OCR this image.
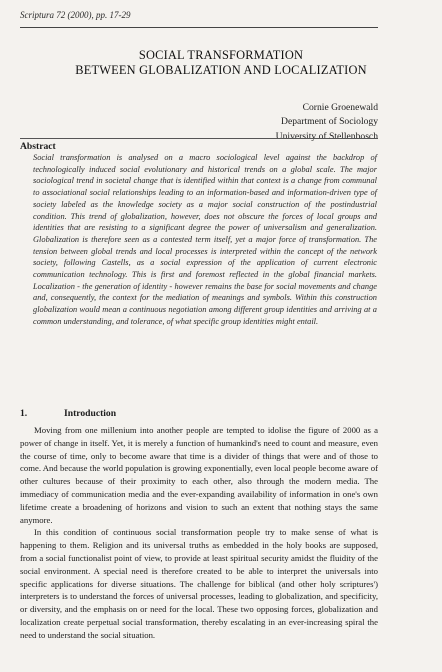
Scriptura 72 (2000), pp. 17-29
SOCIAL TRANSFORMATION
BETWEEN GLOBALIZATION AND LOCALIZATION
Cornie Groenewald
Department of Sociology
University of Stellenbosch
Abstract

Social transformation is analysed on a macro sociological level against the backdrop of technologically induced social evolutionary and historical trends on a global scale. The major sociological trend in societal change that is identified within that context is a change from communal to associational social relationships leading to an information-based and information-driven type of society labeled as the knowledge society as a major social construction of the postindustrial condition. This trend of globalization, however, does not obscure the forces of local groups and identities that are resisting to a significant degree the power of universalism and generalization. Globalization is therefore seen as a contested term itself, yet a major force of transformation. The tension between global trends and local processes is interpreted within the concept of the network society, following Castells, as a social expression of the application of current electronic communication technology. This is first and foremost reflected in the global financial markets. Localization - the generation of identity - however remains the base for social movements and change and, consequently, the context for the mediation of meanings and symbols. Within this construction globalization would mean a continuous negotiation among different group identities and arriving at a common understanding, and tolerance, of what specific group identities might entail.

1.	Introduction

Moving from one millenium into another people are tempted to idolise the figure of 2000 as a power of change in itself. Yet, it is merely a function of humankind's need to count and measure, even the course of time, only to become aware that time is a divider of things that were and of those to come. And because the world population is growing exponentially, even local people become aware of other cultures because of their proximity to each other, also through the modern media. The immediacy of communication media and the ever-expanding availability of information in one's own lifetime create a broadening of horizons and vision to such an extent that nothing stays the same anymore.

In this condition of continuous social transformation people try to make sense of what is happening to them. Religion and its universal truths as embedded in the holy books are supposed, from a social functionalist point of view, to provide at least spiritual security amidst the fluidity of the social environment. A special need is therefore created to be able to interpret the universals into specific applications for diverse situations. The challenge for biblical (and other holy scriptures') interpreters is to understand the forces of universal processes, leading to globalization, and specificity, or diversity, and the emphasis on or need for the local. These two opposing forces, globalization and localization create perpetual social transformation, thereby escalating in an ever-increasing spiral the need to understand the social situation.
